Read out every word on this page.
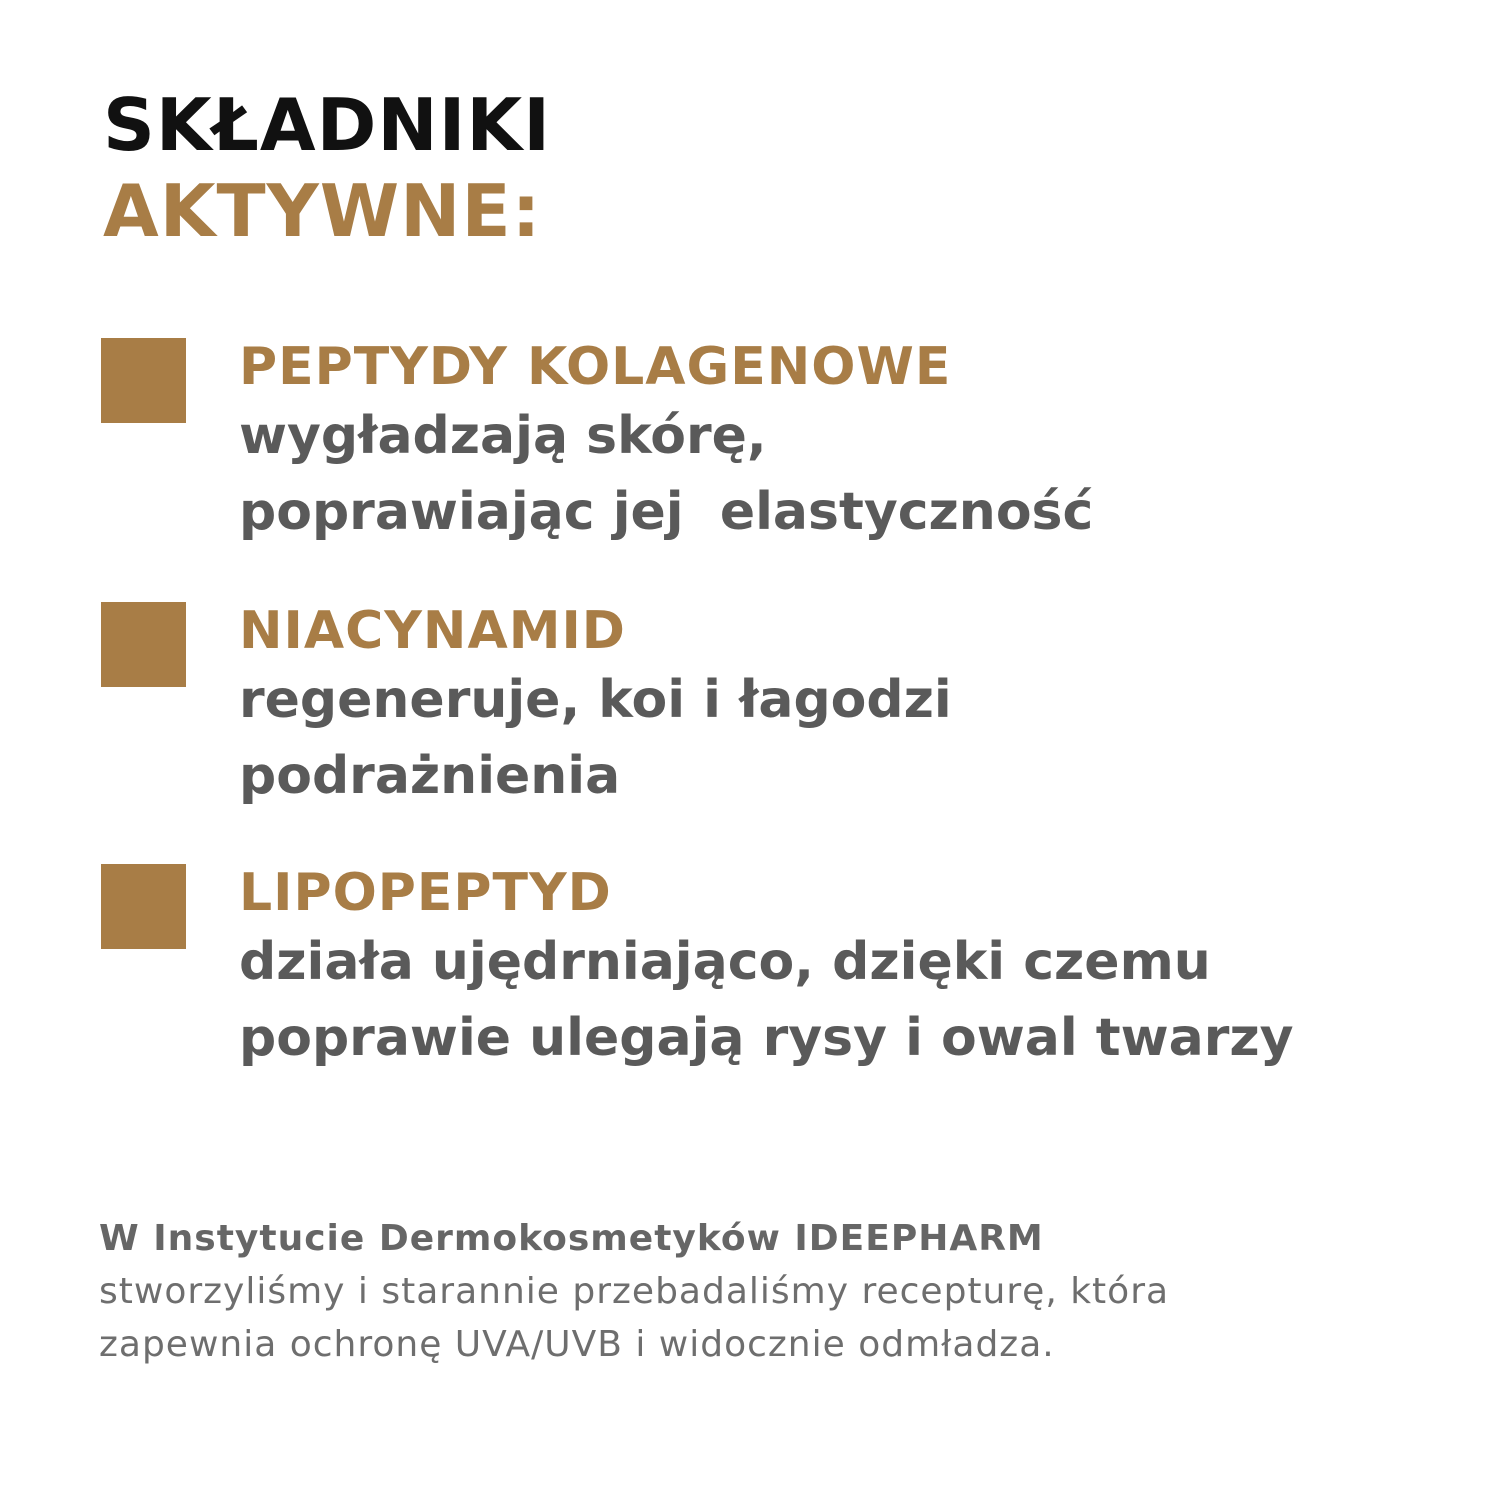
SKŁADNIKI
AKTYWNE:
PEPTYDY KOLAGENOWE
wygładzają skórę,
poprawiając jej  elastyczność
NIACYNAMID
regeneruje, koi i łagodzi
podrażnienia
LIPOPEPTYD
działa ujędrniająco, dzięki czemu
poprawie ulegają rysy i owal twarzy
W Instytucie Dermokosmetyków IDEEPHARM
stworzyliśmy i starannie przebadaliśmy recepturę, która
zapewnia ochronę UVA/UVB i widocznie odmładza.
